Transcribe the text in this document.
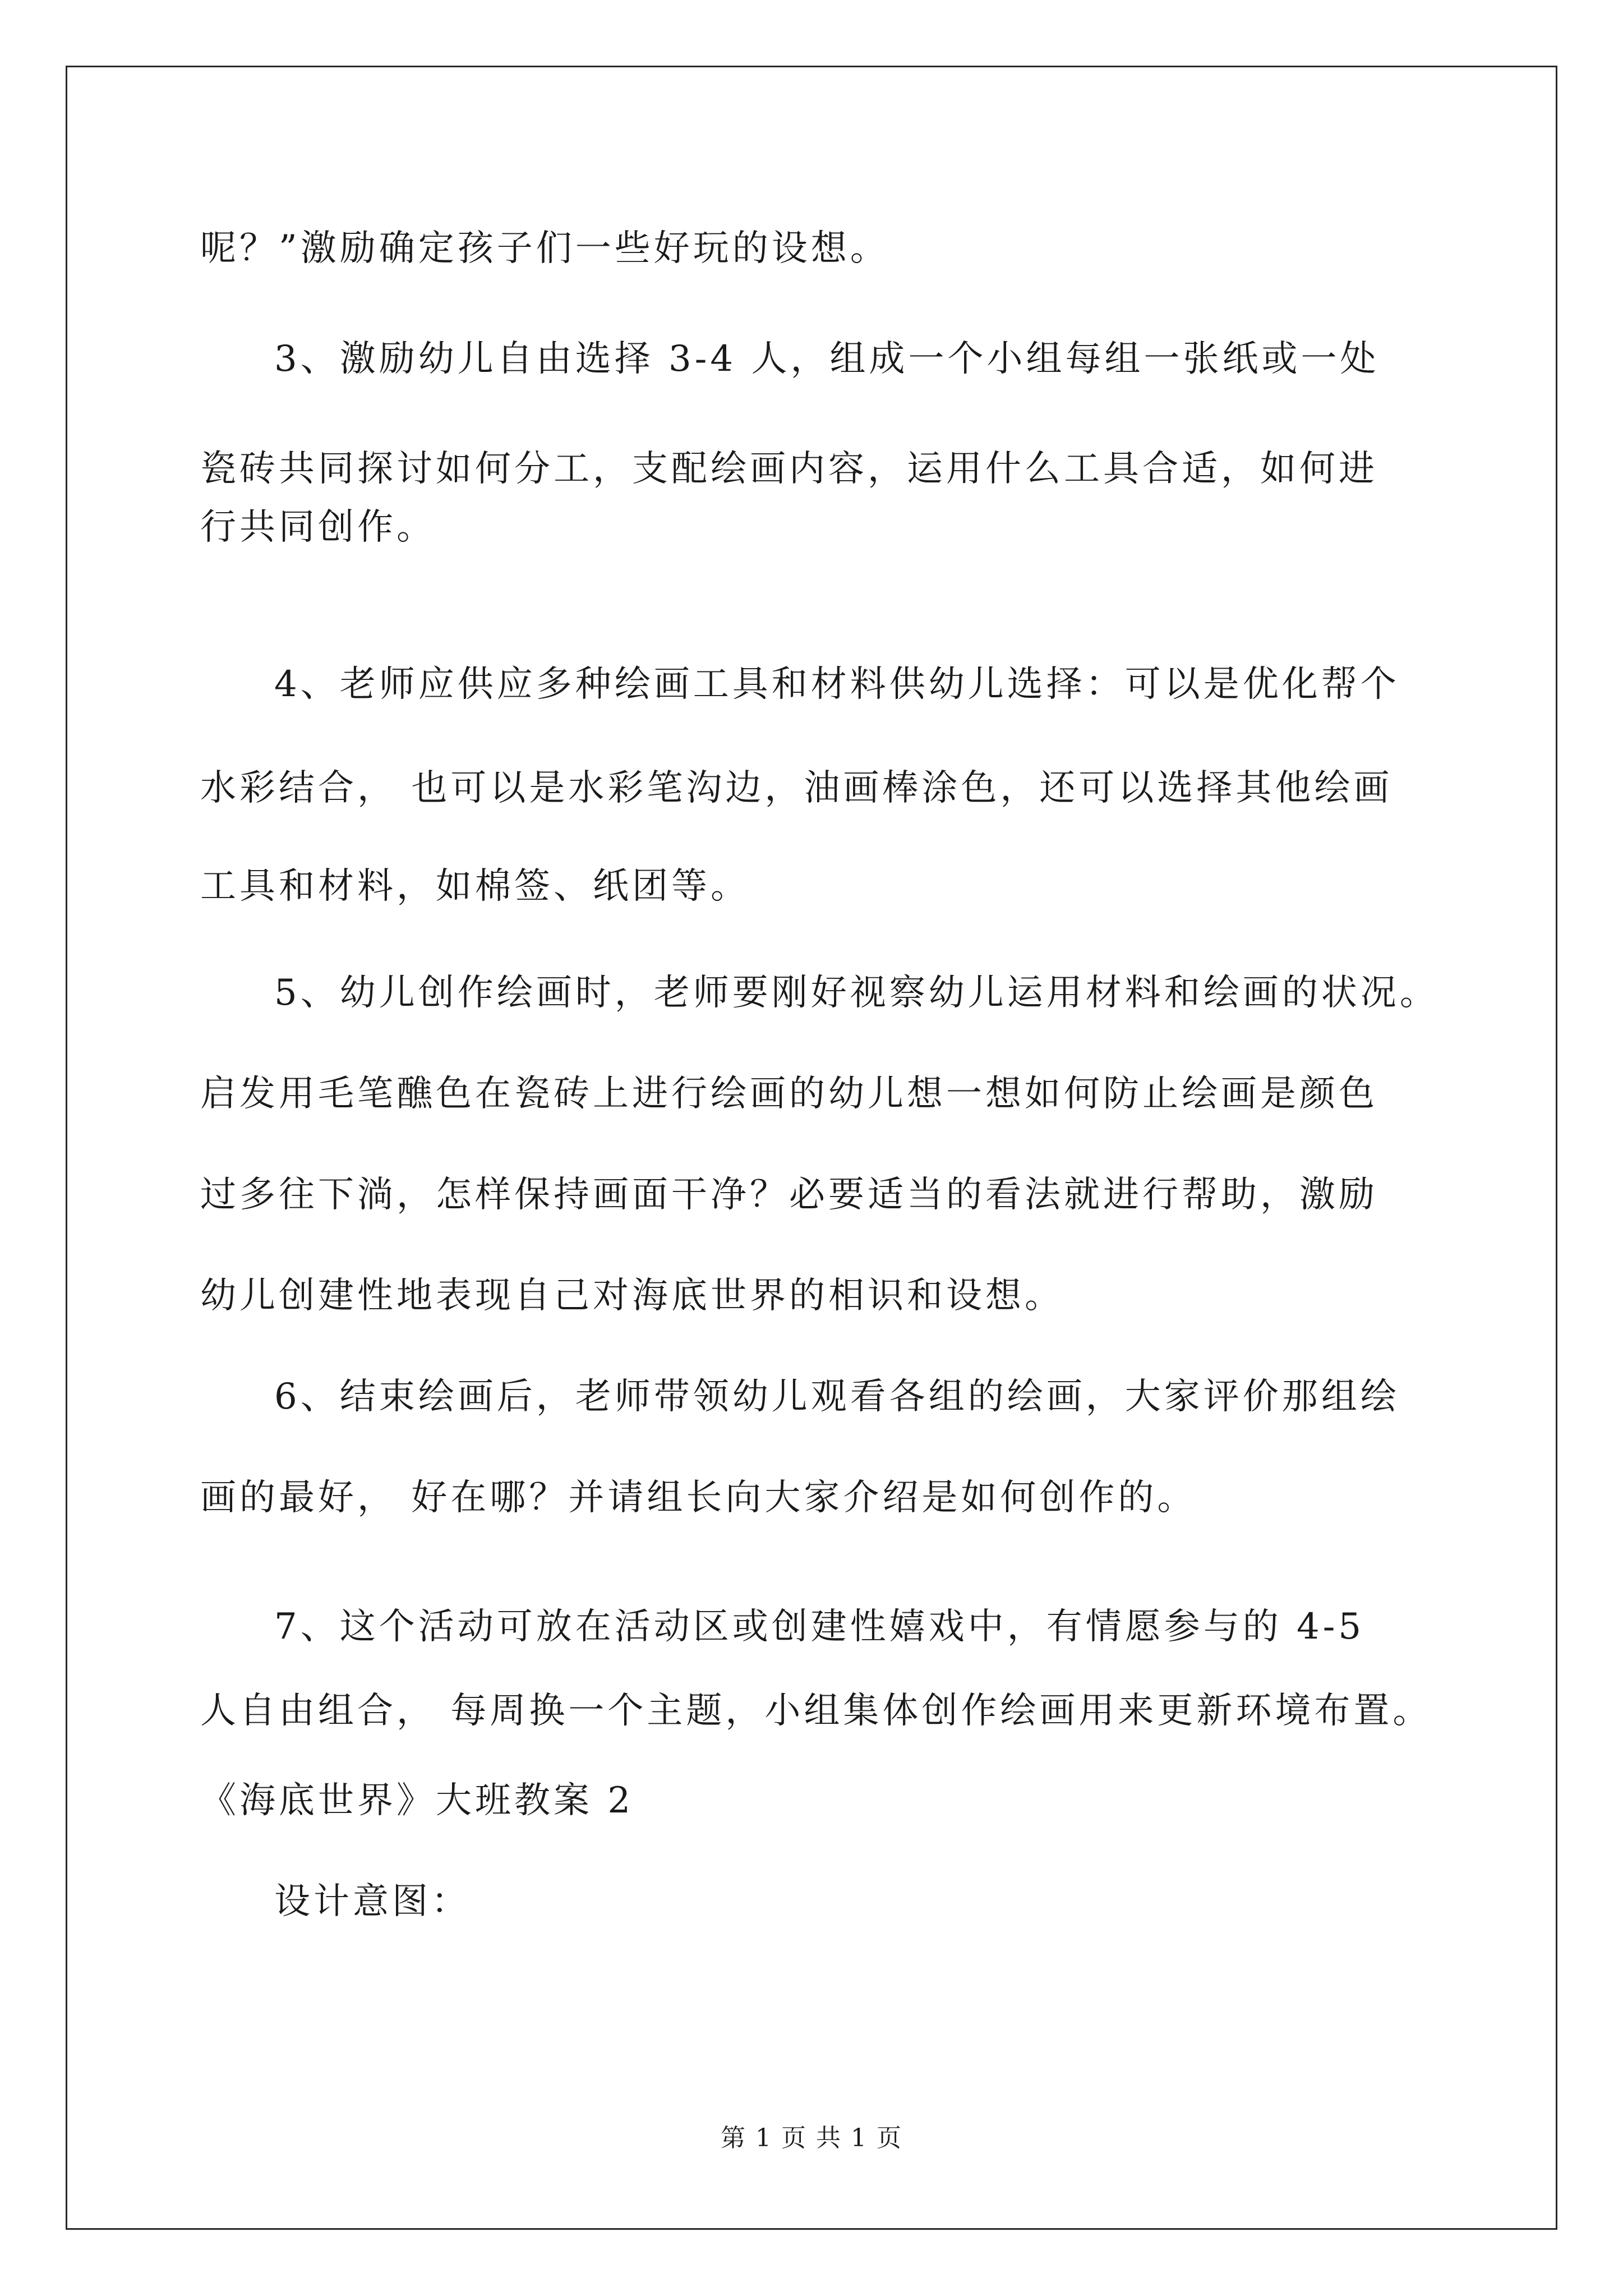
呢？”激励确定孩子们一些好玩的设想。
3、激励幼儿自由选择 3-4 人，组成一个小组每组一张纸或一处
瓷砖共同探讨如何分工，支配绘画内容，运用什么工具合适，如何进
行共同创作。
4、老师应供应多种绘画工具和材料供幼儿选择：可以是优化帮个
水彩结合， 也可以是水彩笔沟边，油画棒涂色，还可以选择其他绘画
工具和材料，如棉签、纸团等。
5、幼儿创作绘画时，老师要刚好视察幼儿运用材料和绘画的状况。
启发用毛笔醮色在瓷砖上进行绘画的幼儿想一想如何防止绘画是颜色
过多往下淌，怎样保持画面干净？必要适当的看法就进行帮助，激励
幼儿创建性地表现自己对海底世界的相识和设想。
6、结束绘画后，老师带领幼儿观看各组的绘画，大家评价那组绘
画的最好， 好在哪？并请组长向大家介绍是如何创作的。
7、这个活动可放在活动区或创建性嬉戏中，有情愿参与的 4-5
人自由组合， 每周换一个主题，小组集体创作绘画用来更新环境布置。
《海底世界》大班教案 2
设计意图：
第 1 页 共 1 页
